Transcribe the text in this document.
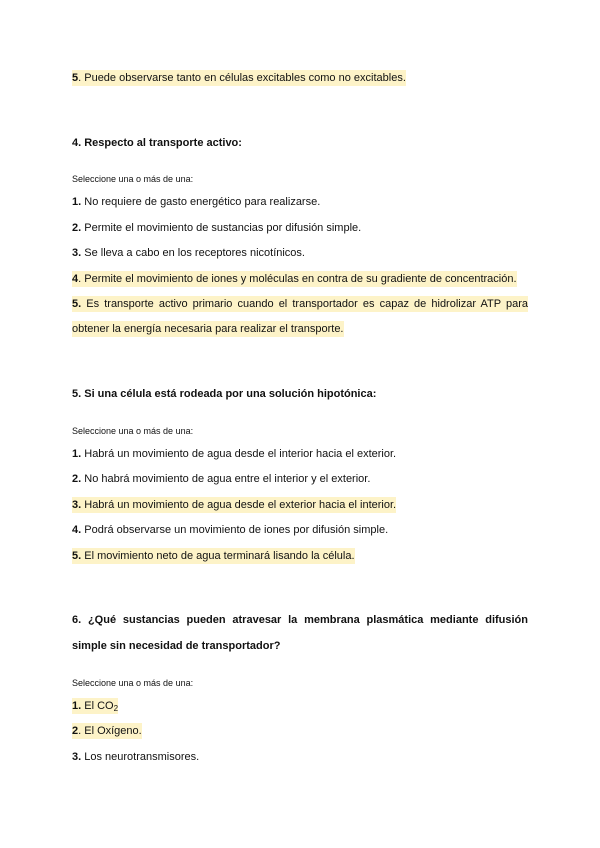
5. Puede observarse tanto en células excitables como no excitables.
4. Respecto al transporte activo:
Seleccione una o más de una:
1. No requiere de gasto energético para realizarse.
2. Permite el movimiento de sustancias por difusión simple.
3. Se lleva a cabo en los receptores nicotínicos.
4. Permite el movimiento de iones y moléculas en contra de su gradiente de concentración.
5. Es transporte activo primario cuando el transportador es capaz de hidrolizar ATP para
obtener la energía necesaria para realizar el transporte.
5. Si una célula está rodeada por una solución hipotónica:
Seleccione una o más de una:
1. Habrá un movimiento de agua desde el interior hacia el exterior.
2. No habrá movimiento de agua entre el interior y el exterior.
3. Habrá un movimiento de agua desde el exterior hacia el interior.
4. Podrá observarse un movimiento de iones por difusión simple.
5. El movimiento neto de agua terminará lisando la célula.
6. ¿Qué sustancias pueden atravesar la membrana plasmática mediante difusión
simple sin necesidad de transportador?
Seleccione una o más de una:
1. El $CO_2$
2. El Oxígeno.
3. Los neurotransmisores.
